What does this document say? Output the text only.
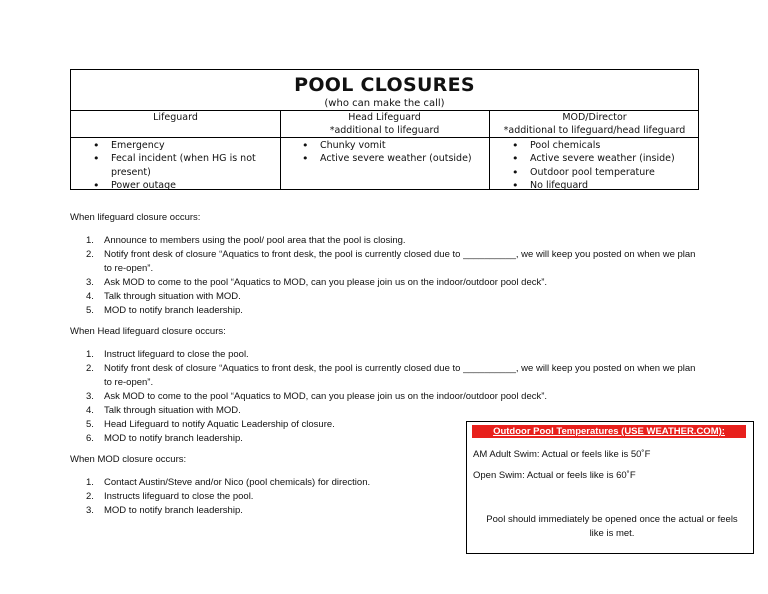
POOL CLOSURES
(who can make the call)
Lifeguard	Head Lifeguard
*additional to lifeguard
MOD/Director
*additional to lifeguard/head lifeguard
• Emergency
• Fecal incident (when HG is not present)
• Power outage
• Chunky vomit
• Active severe weather (outside)
• Pool chemicals
• Active severe weather (inside)
• Outdoor pool temperature
• No lifeguard
When lifeguard closure occurs:
1. Announce to members using the pool/ pool area that the pool is closing.
2. Notify front desk of closure “Aquatics to front desk, the pool is currently closed due to __________, we will keep you posted on when we plan to re-open”.
3. Ask MOD to come to the pool “Aquatics to MOD, can you please join us on the indoor/outdoor pool deck”.
4. Talk through situation with MOD.
5. MOD to notify branch leadership.
When Head lifeguard closure occurs:
1. Instruct lifeguard to close the pool.
2. Notify front desk of closure “Aquatics to front desk, the pool is currently closed due to __________, we will keep you posted on when we plan to re-open”.
3. Ask MOD to come to the pool “Aquatics to MOD, can you please join us on the indoor/outdoor pool deck”.
4. Talk through situation with MOD.
5. Head Lifeguard to notify Aquatic Leadership of closure.
6. MOD to notify branch leadership.
When MOD closure occurs:
1. Contact Austin/Steve and/or Nico (pool chemicals) for direction.
2. Instructs lifeguard to close the pool.
3. MOD to notify branch leadership.
Outdoor Pool Temperatures (USE WEATHER.COM):
AM Adult Swim: Actual or feels like is 50˚F
Open Swim: Actual or feels like is 60˚F
Pool should immediately be opened once the actual or feels like is met.
